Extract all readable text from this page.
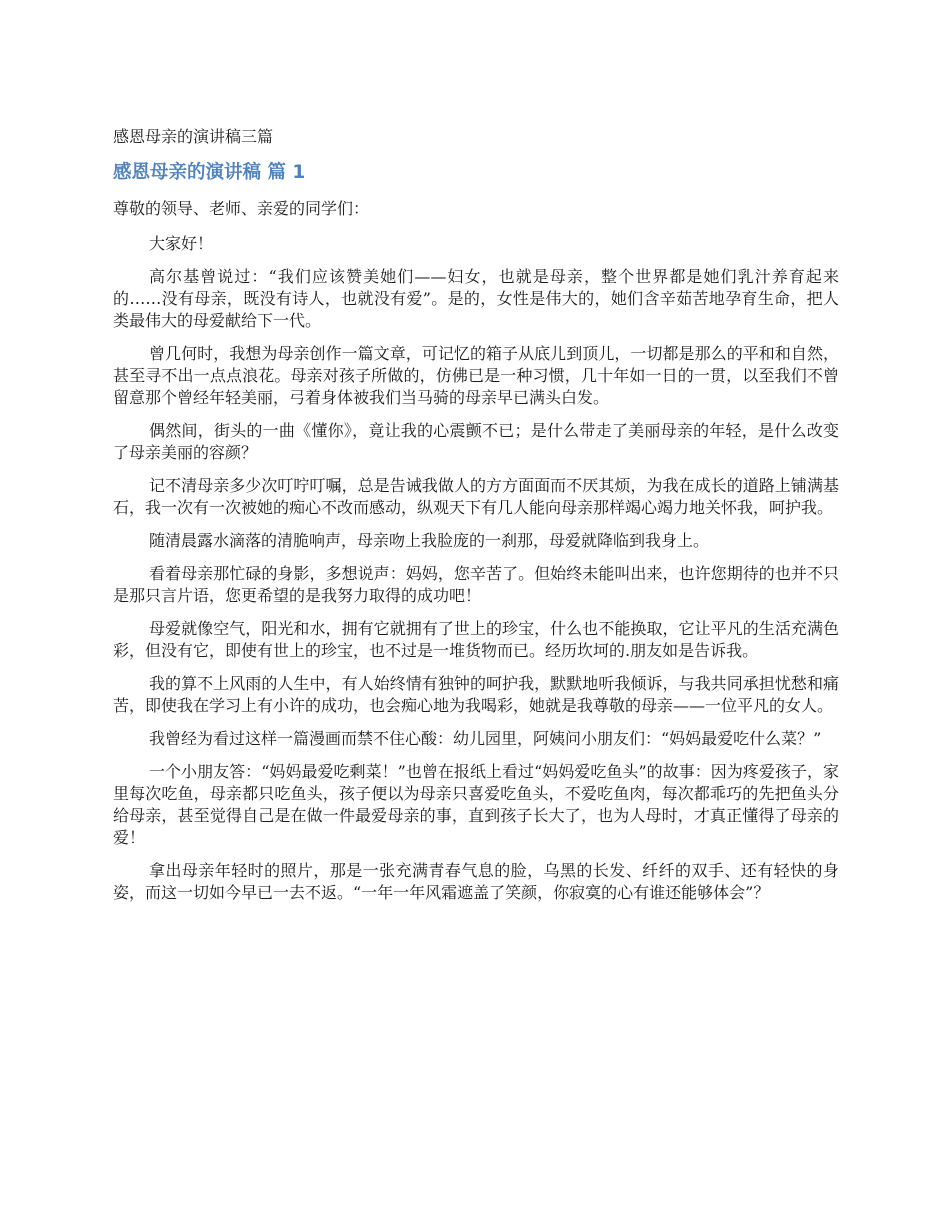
感恩母亲的演讲稿三篇
感恩母亲的演讲稿 篇 1
尊敬的领导、老师、亲爱的同学们：

大家好！

高尔基曾说过：“我们应该赞美她们——妇女，也就是母亲，整个世界都是她们乳汁养育起来的……没有母亲，既没有诗人，也就没有爱”。是的，女性是伟大的，她们含辛茹苦地孕育生命，把人类最伟大的母爱献给下一代。

曾几何时，我想为母亲创作一篇文章，可记忆的箱子从底儿到顶儿，一切都是那么的平和和自然，甚至寻不出一点点浪花。母亲对孩子所做的，仿佛已是一种习惯，几十年如一日的一贯，以至我们不曾留意那个曾经年轻美丽，弓着身体被我们当马骑的母亲早已满头白发。

偶然间，街头的一曲《懂你》，竟让我的心震颤不已；是什么带走了美丽母亲的年轻，是什么改变了母亲美丽的容颜？

记不清母亲多少次叮咛叮嘱，总是告诫我做人的方方面面而不厌其烦，为我在成长的道路上铺满基石，我一次有一次被她的痴心不改而感动，纵观天下有几人能向母亲那样竭心竭力地关怀我，呵护我。

随清晨露水滴落的清脆响声，母亲吻上我脸庞的一刹那，母爱就降临到我身上。

看着母亲那忙碌的身影，多想说声：妈妈，您辛苦了。但始终未能叫出来，也许您期待的也并不只是那只言片语，您更希望的是我努力取得的成功吧！

母爱就像空气，阳光和水，拥有它就拥有了世上的珍宝，什么也不能换取，它让平凡的生活充满色彩，但没有它，即使有世上的珍宝，也不过是一堆货物而已。经历坎坷的.朋友如是告诉我。

我的算不上风雨的人生中，有人始终情有独钟的呵护我，默默地听我倾诉，与我共同承担忧愁和痛苦，即使我在学习上有小许的成功，也会痴心地为我喝彩，她就是我尊敬的母亲——一位平凡的女人。

我曾经为看过这样一篇漫画而禁不住心酸：幼儿园里，阿姨问小朋友们：“妈妈最爱吃什么菜？”

一个小朋友答：“妈妈最爱吃剩菜！”也曾在报纸上看过“妈妈爱吃鱼头”的故事：因为疼爱孩子，家里每次吃鱼，母亲都只吃鱼头，孩子便以为母亲只喜爱吃鱼头，不爱吃鱼肉，每次都乖巧的先把鱼头分给母亲，甚至觉得自己是在做一件最爱母亲的事，直到孩子长大了，也为人母时，才真正懂得了母亲的爱！

拿出母亲年轻时的照片，那是一张充满青春气息的脸，乌黑的长发、纤纤的双手、还有轻快的身姿，而这一切如今早已一去不返。“一年一年风霜遮盖了笑颜，你寂寞的心有谁还能够体会”？
